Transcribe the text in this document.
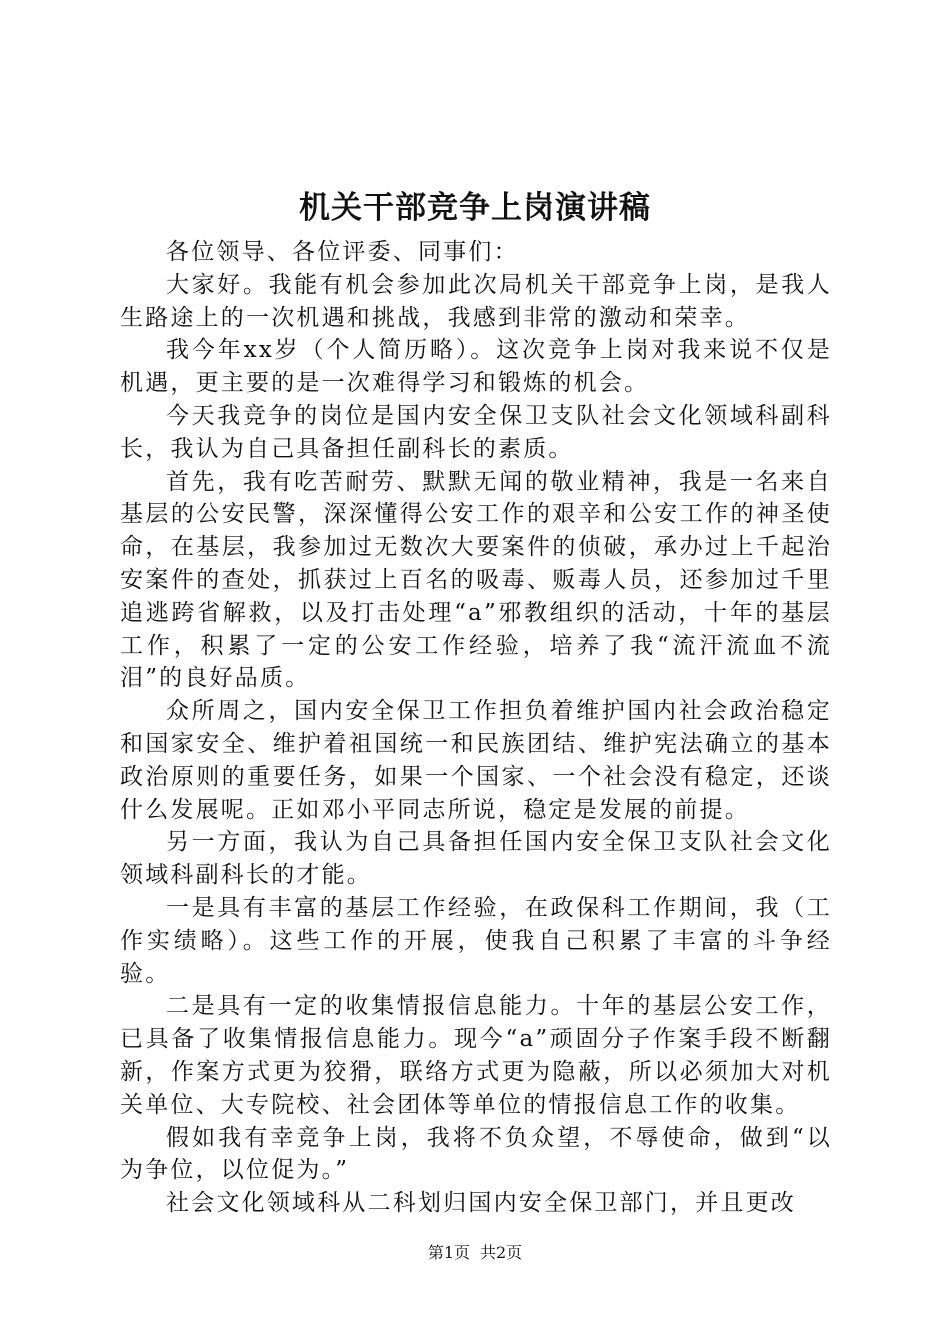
机关干部竞争上岗演讲稿

各位领导、各位评委、同事们：

大家好。我能有机会参加此次局机关干部竞争上岗，是我人生路途上的一次机遇和挑战，我感到非常的激动和荣幸。

我今年xx岁（个人简历略）。这次竞争上岗对我来说不仅是机遇，更主要的是一次难得学习和锻炼的机会。

今天我竞争的岗位是国内安全保卫支队社会文化领域科副科长，我认为自己具备担任副科长的素质。

首先，我有吃苦耐劳、默默无闻的敬业精神，我是一名来自基层的公安民警，深深懂得公安工作的艰辛和公安工作的神圣使命，在基层，我参加过无数次大要案件的侦破，承办过上千起治安案件的查处，抓获过上百名的吸毒、贩毒人员，还参加过千里追逃跨省解救，以及打击处理“a”邪教组织的活动，十年的基层工作，积累了一定的公安工作经验，培养了我“流汗流血不流泪”的良好品质。

众所周之，国内安全保卫工作担负着维护国内社会政治稳定和国家安全、维护着祖国统一和民族团结、维护宪法确立的基本政治原则的重要任务，如果一个国家、一个社会没有稳定，还谈什么发展呢。正如邓小平同志所说，稳定是发展的前提。

另一方面，我认为自己具备担任国内安全保卫支队社会文化领域科副科长的才能。

一是具有丰富的基层工作经验，在政保科工作期间，我（工作实绩略）。这些工作的开展，使我自己积累了丰富的斗争经验。

二是具有一定的收集情报信息能力。十年的基层公安工作，已具备了收集情报信息能力。现今“a”顽固分子作案手段不断翻新，作案方式更为狡猾，联络方式更为隐蔽，所以必须加大对机关单位、大专院校、社会团体等单位的情报信息工作的收集。

假如我有幸竞争上岗，我将不负众望，不辱使命，做到“以为争位，以位促为。”

社会文化领域科从二科划归国内安全保卫部门，并且更改

第1页 共2页
